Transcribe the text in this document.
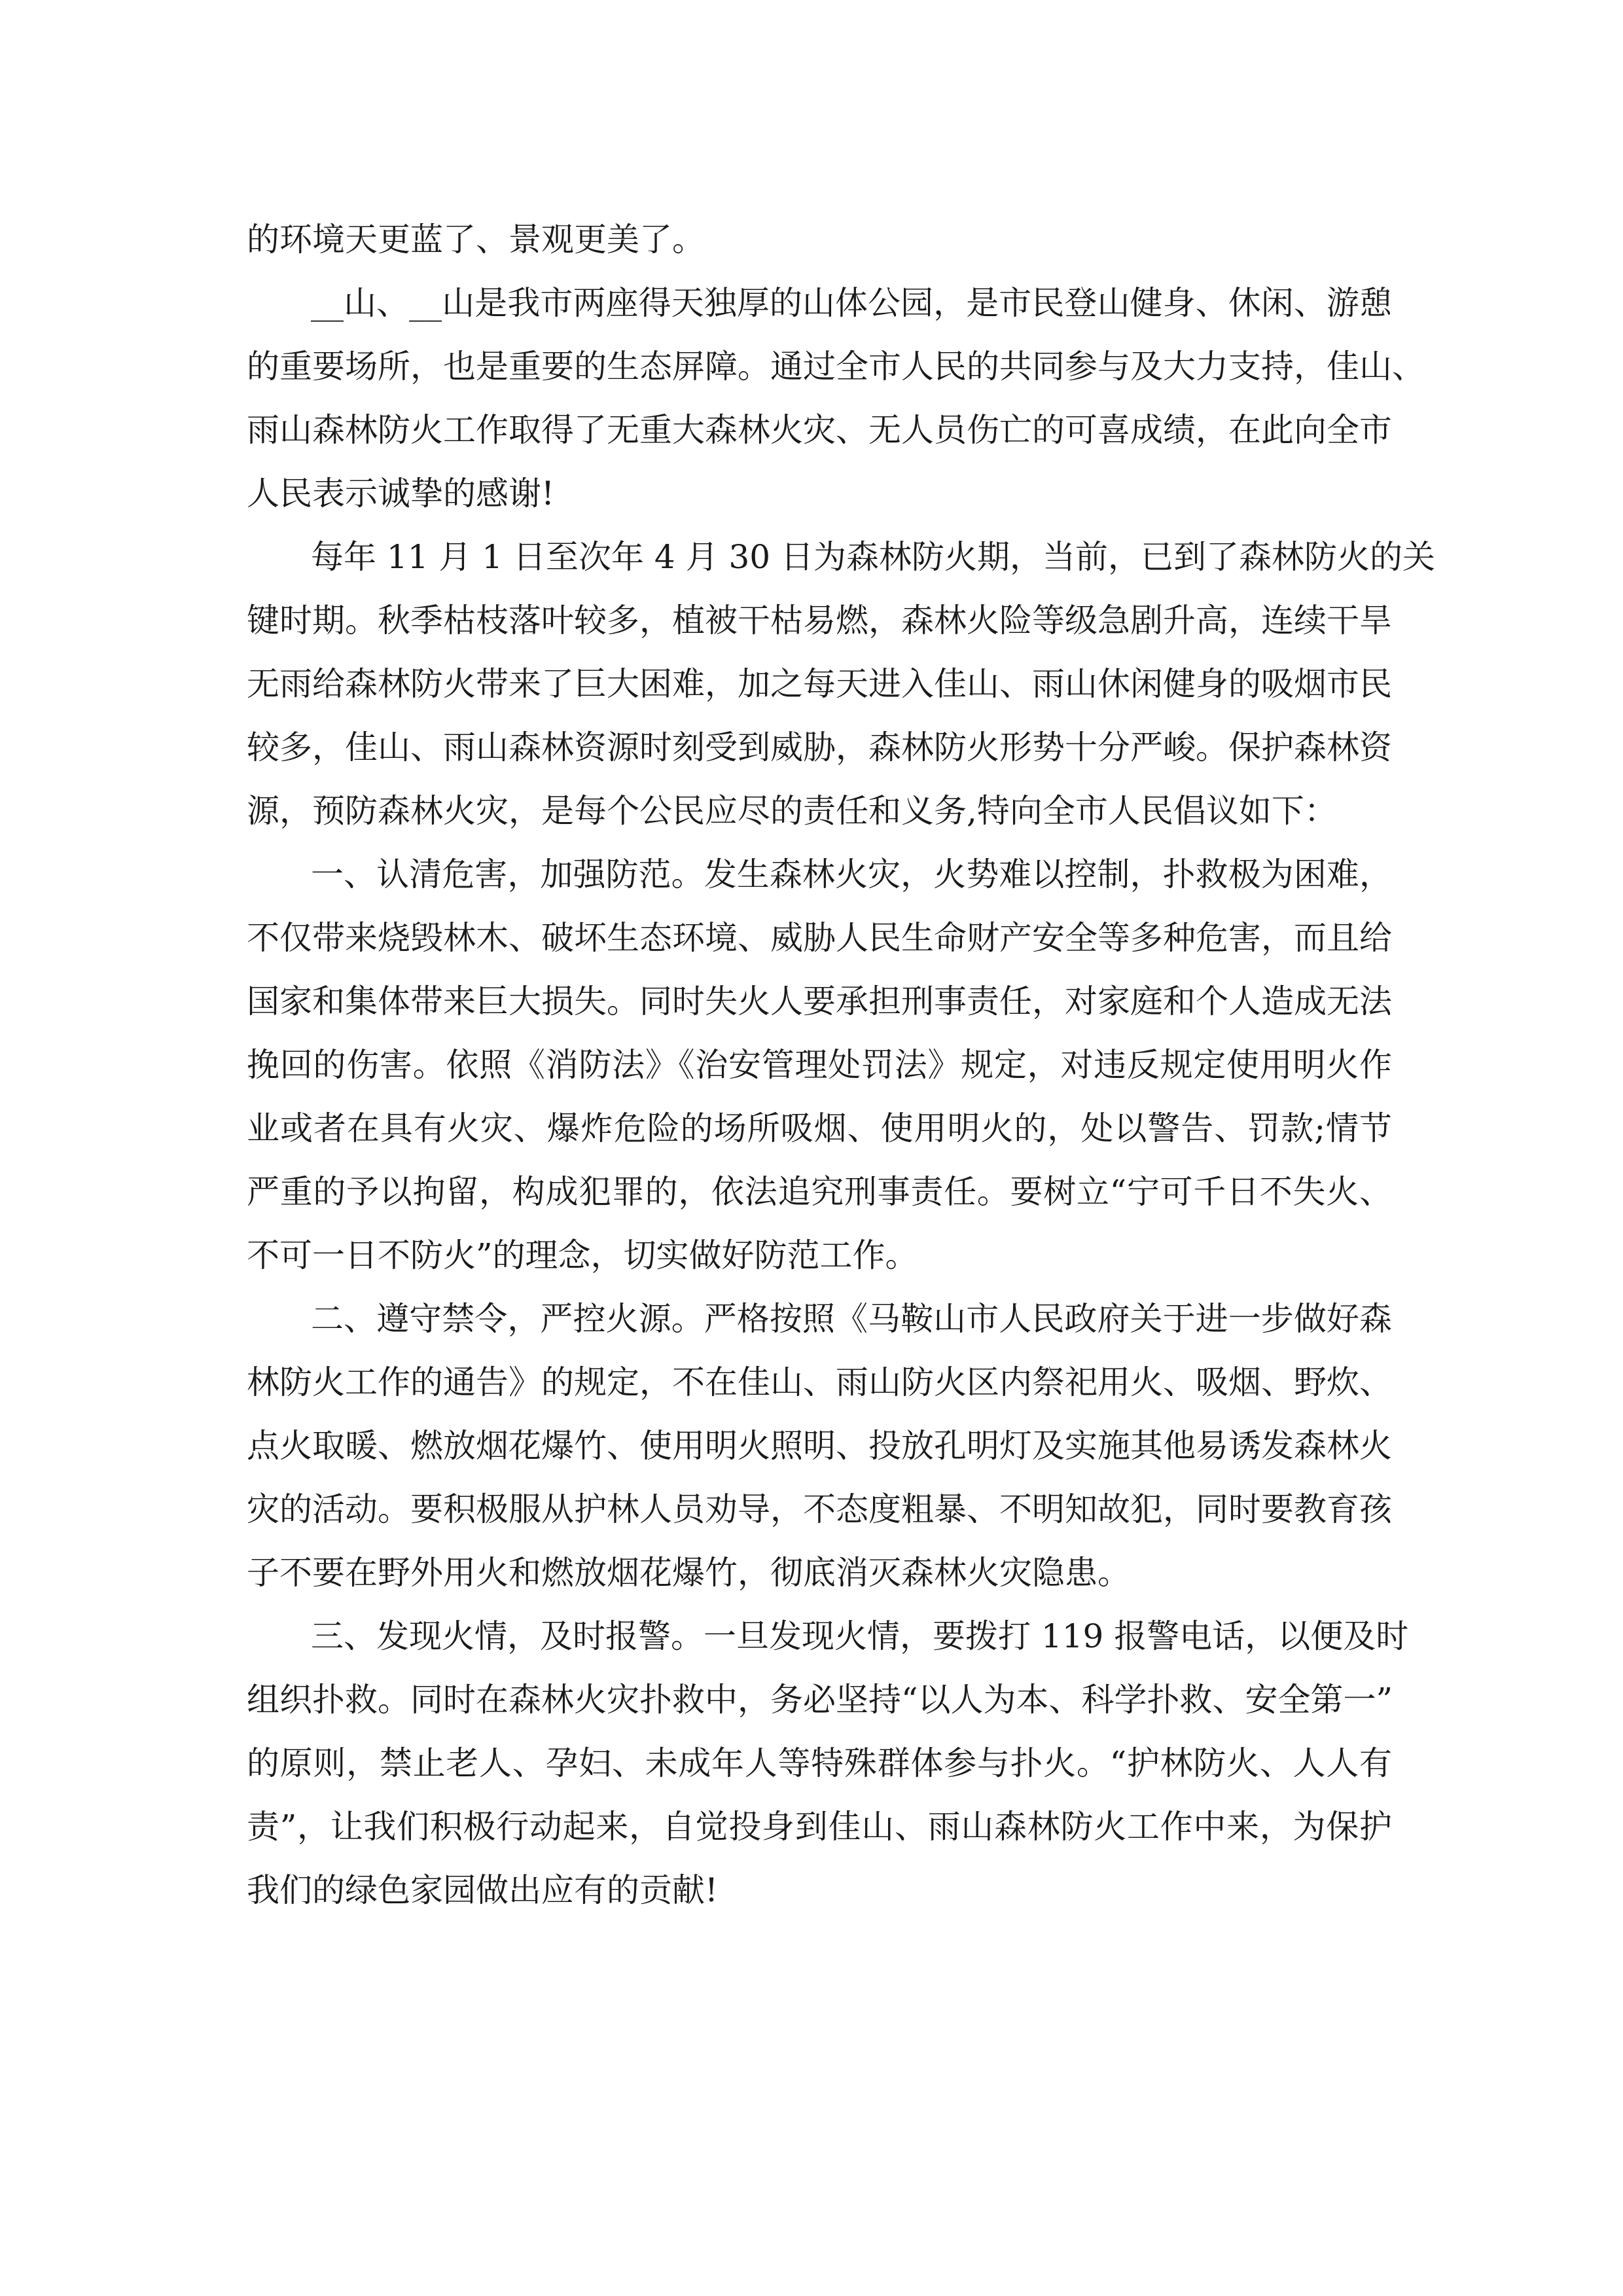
的环境天更蓝了、景观更美了。
__山、__山是我市两座得天独厚的山体公园，是市民登山健身、休闲、游憩
的重要场所，也是重要的生态屏障。通过全市人民的共同参与及大力支持，佳山、
雨山森林防火工作取得了无重大森林火灾、无人员伤亡的可喜成绩，在此向全市
人民表示诚挚的感谢!
每年 11 月 1 日至次年 4 月 30 日为森林防火期，当前，已到了森林防火的关
键时期。秋季枯枝落叶较多，植被干枯易燃，森林火险等级急剧升高，连续干旱
无雨给森林防火带来了巨大困难，加之每天进入佳山、雨山休闲健身的吸烟市民
较多，佳山、雨山森林资源时刻受到威胁，森林防火形势十分严峻。保护森林资
源，预防森林火灾，是每个公民应尽的责任和义务,特向全市人民倡议如下：
一、认清危害，加强防范。发生森林火灾，火势难以控制，扑救极为困难，
不仅带来烧毁林木、破坏生态环境、威胁人民生命财产安全等多种危害，而且给
国家和集体带来巨大损失。同时失火人要承担刑事责任，对家庭和个人造成无法
挽回的伤害。依照《消防法》《治安管理处罚法》规定，对违反规定使用明火作
业或者在具有火灾、爆炸危险的场所吸烟、使用明火的，处以警告、罚款;情节
严重的予以拘留，构成犯罪的，依法追究刑事责任。要树立“宁可千日不失火、
不可一日不防火”的理念，切实做好防范工作。
二、遵守禁令，严控火源。严格按照《马鞍山市人民政府关于进一步做好森
林防火工作的通告》的规定，不在佳山、雨山防火区内祭祀用火、吸烟、野炊、
点火取暖、燃放烟花爆竹、使用明火照明、投放孔明灯及实施其他易诱发森林火
灾的活动。要积极服从护林人员劝导，不态度粗暴、不明知故犯，同时要教育孩
子不要在野外用火和燃放烟花爆竹，彻底消灭森林火灾隐患。
三、发现火情，及时报警。一旦发现火情，要拨打 119 报警电话，以便及时
组织扑救。同时在森林火灾扑救中，务必坚持“以人为本、科学扑救、安全第一”
的原则，禁止老人、孕妇、未成年人等特殊群体参与扑火。“护林防火、人人有
责”，让我们积极行动起来，自觉投身到佳山、雨山森林防火工作中来，为保护
我们的绿色家园做出应有的贡献!
